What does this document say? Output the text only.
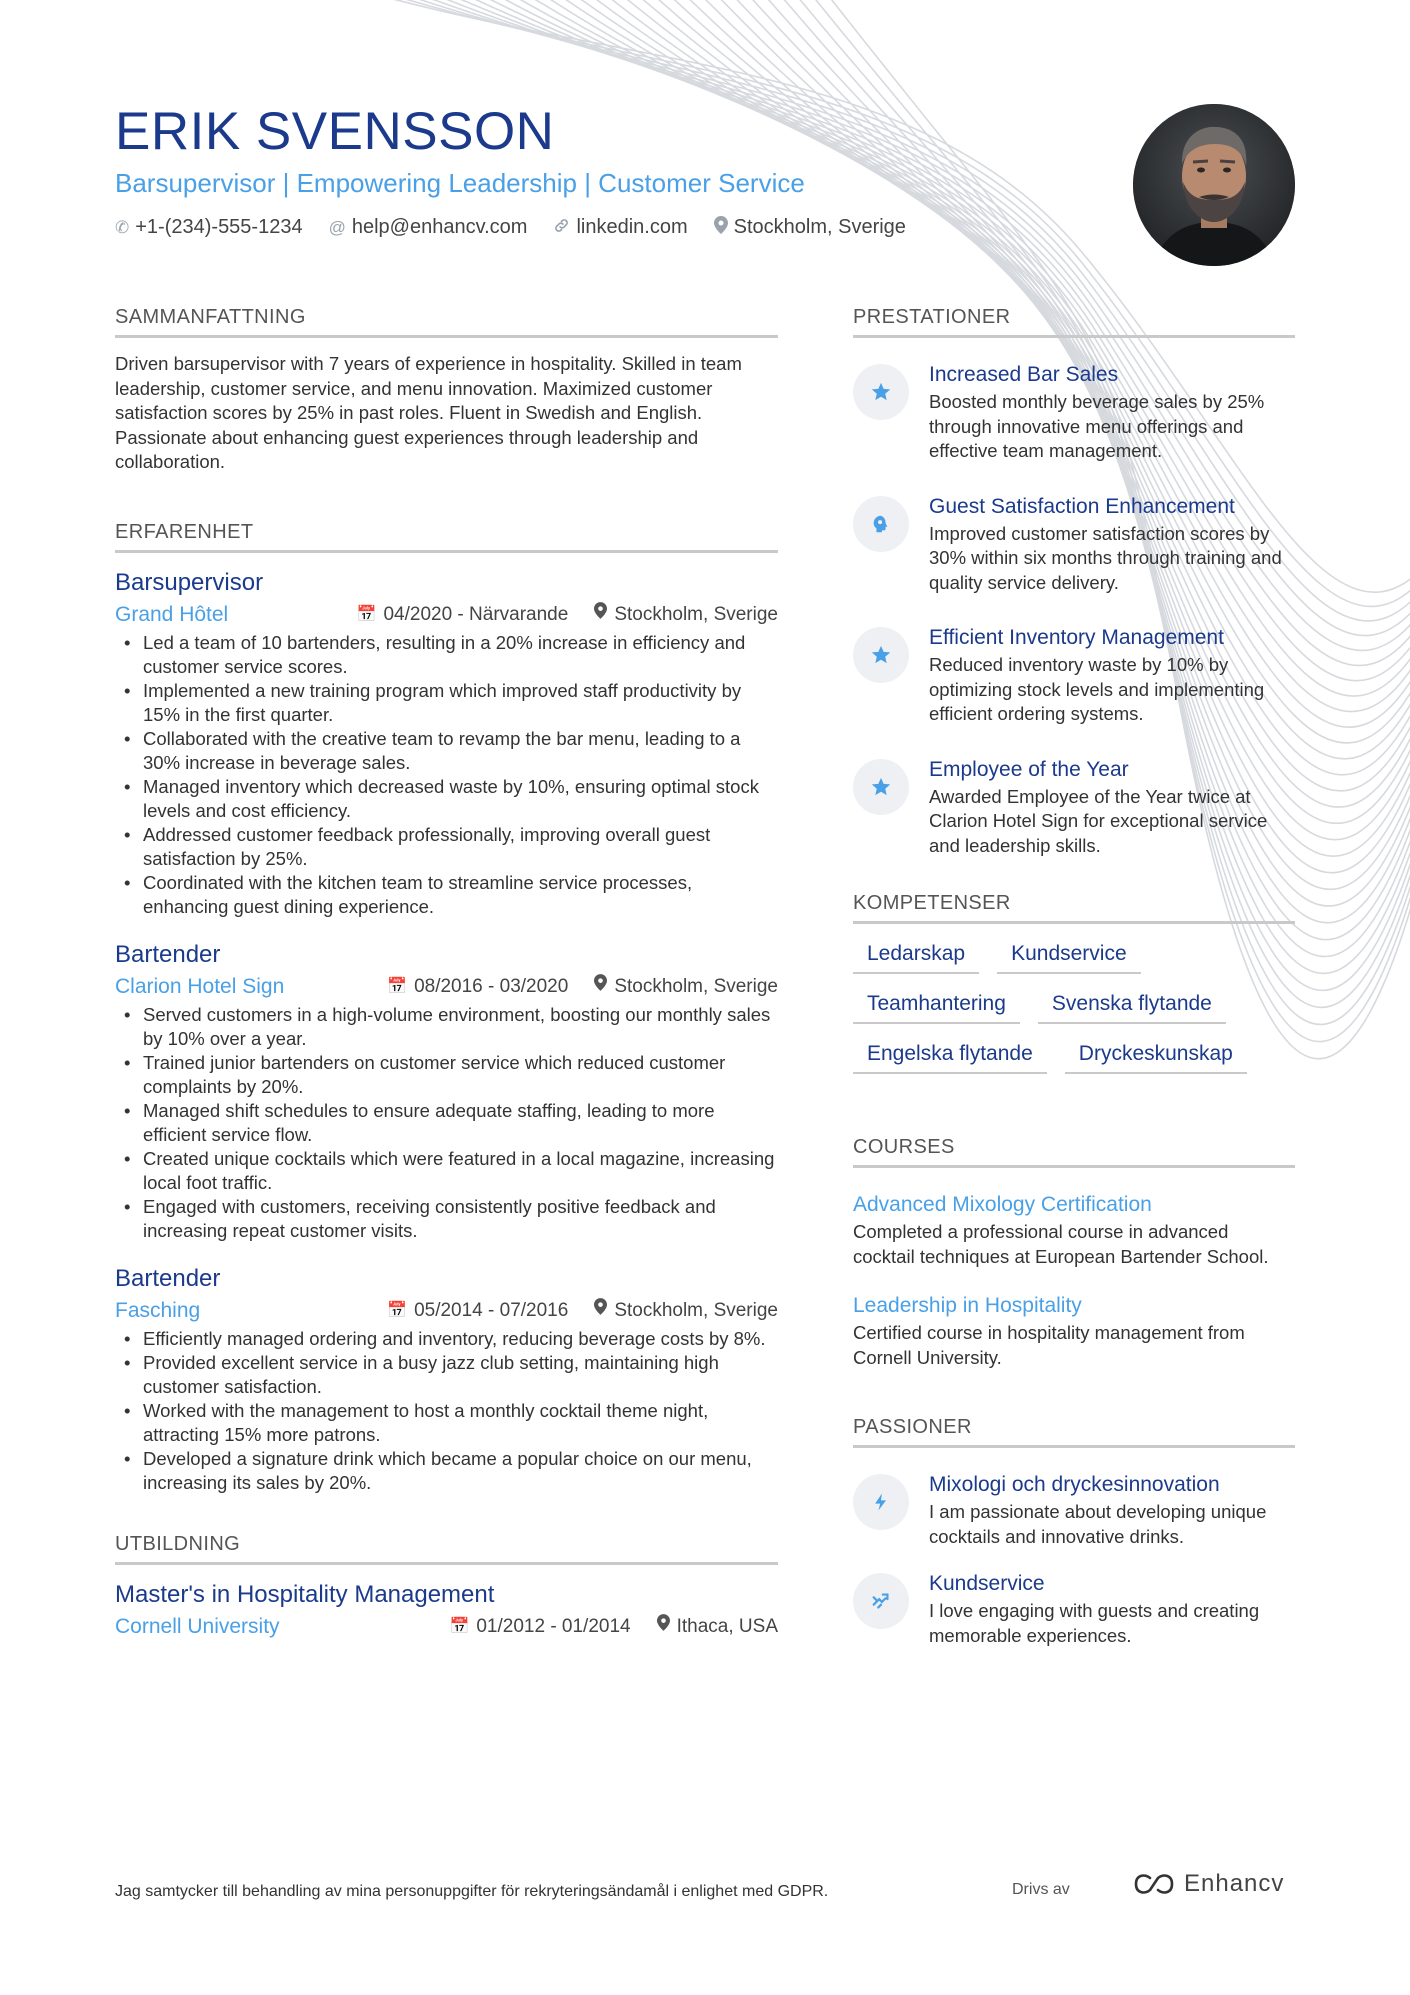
ERIK SVENSSON
Barsupervisor | Empowering Leadership | Customer Service
✆ +1-(234)-555-1234 @ help@enhancv.com linkedin.com Stockholm, Sverige
SAMMANFATTNING

Driven barsupervisor with 7 years of experience in hospitality. Skilled in team leadership, customer service, and menu innovation. Maximized customer satisfaction scores by 25% in past roles. Fluent in Swedish and English. Passionate about enhancing guest experiences through leadership and collaboration.

ERFARENHET
Barsupervisor
Grand Hôtel	📅 04/2020 - Närvarande Stockholm, Sverige
• Led a team of 10 bartenders, resulting in a 20% increase in efficiency and customer service scores.
• Implemented a new training program which improved staff productivity by 15% in the first quarter.
• Collaborated with the creative team to revamp the bar menu, leading to a 30% increase in beverage sales.
• Managed inventory which decreased waste by 10%, ensuring optimal stock levels and cost efficiency.
• Addressed customer feedback professionally, improving overall guest satisfaction by 25%.
• Coordinated with the kitchen team to streamline service processes, enhancing guest dining experience.
Bartender
Clarion Hotel Sign	📅 08/2016 - 03/2020 Stockholm, Sverige
• Served customers in a high-volume environment, boosting our monthly sales by 10% over a year.
• Trained junior bartenders on customer service which reduced customer complaints by 20%.
• Managed shift schedules to ensure adequate staffing, leading to more efficient service flow.
• Created unique cocktails which were featured in a local magazine, increasing local foot traffic.
• Engaged with customers, receiving consistently positive feedback and increasing repeat customer visits.
Bartender
Fasching	📅 05/2014 - 07/2016 Stockholm, Sverige
• Efficiently managed ordering and inventory, reducing beverage costs by 8%.
• Provided excellent service in a busy jazz club setting, maintaining high customer satisfaction.
• Worked with the management to host a monthly cocktail theme night, attracting 15% more patrons.
• Developed a signature drink which became a popular choice on our menu, increasing its sales by 20%.
UTBILDNING
Master's in Hospitality Management
Cornell University	📅 01/2012 - 01/2014 Ithaca, USA
PRESTATIONER
Increased Bar Sales
Boosted monthly beverage sales by 25% through innovative menu offerings and effective team management.
Guest Satisfaction Enhancement
Improved customer satisfaction scores by 30% within six months through training and quality service delivery.
Efficient Inventory Management
Reduced inventory waste by 10% by optimizing stock levels and implementing efficient ordering systems.
Employee of the Year
Awarded Employee of the Year twice at Clarion Hotel Sign for exceptional service and leadership skills.
KOMPETENSER
Ledarskap	Kundservice
Teamhantering	Svenska flytande
Engelska flytande	Dryckeskunskap
COURSES
Advanced Mixology Certification
Completed a professional course in advanced cocktail techniques at European Bartender School.
Leadership in Hospitality
Certified course in hospitality management from Cornell University.
PASSIONER
Mixologi och dryckesinnovation
I am passionate about developing unique cocktails and innovative drinks.
Kundservice
I love engaging with guests and creating memorable experiences.
Jag samtycker till behandling av mina personuppgifter för rekryteringsändamål i enlighet med GDPR.	Drivs av	Enhancv
